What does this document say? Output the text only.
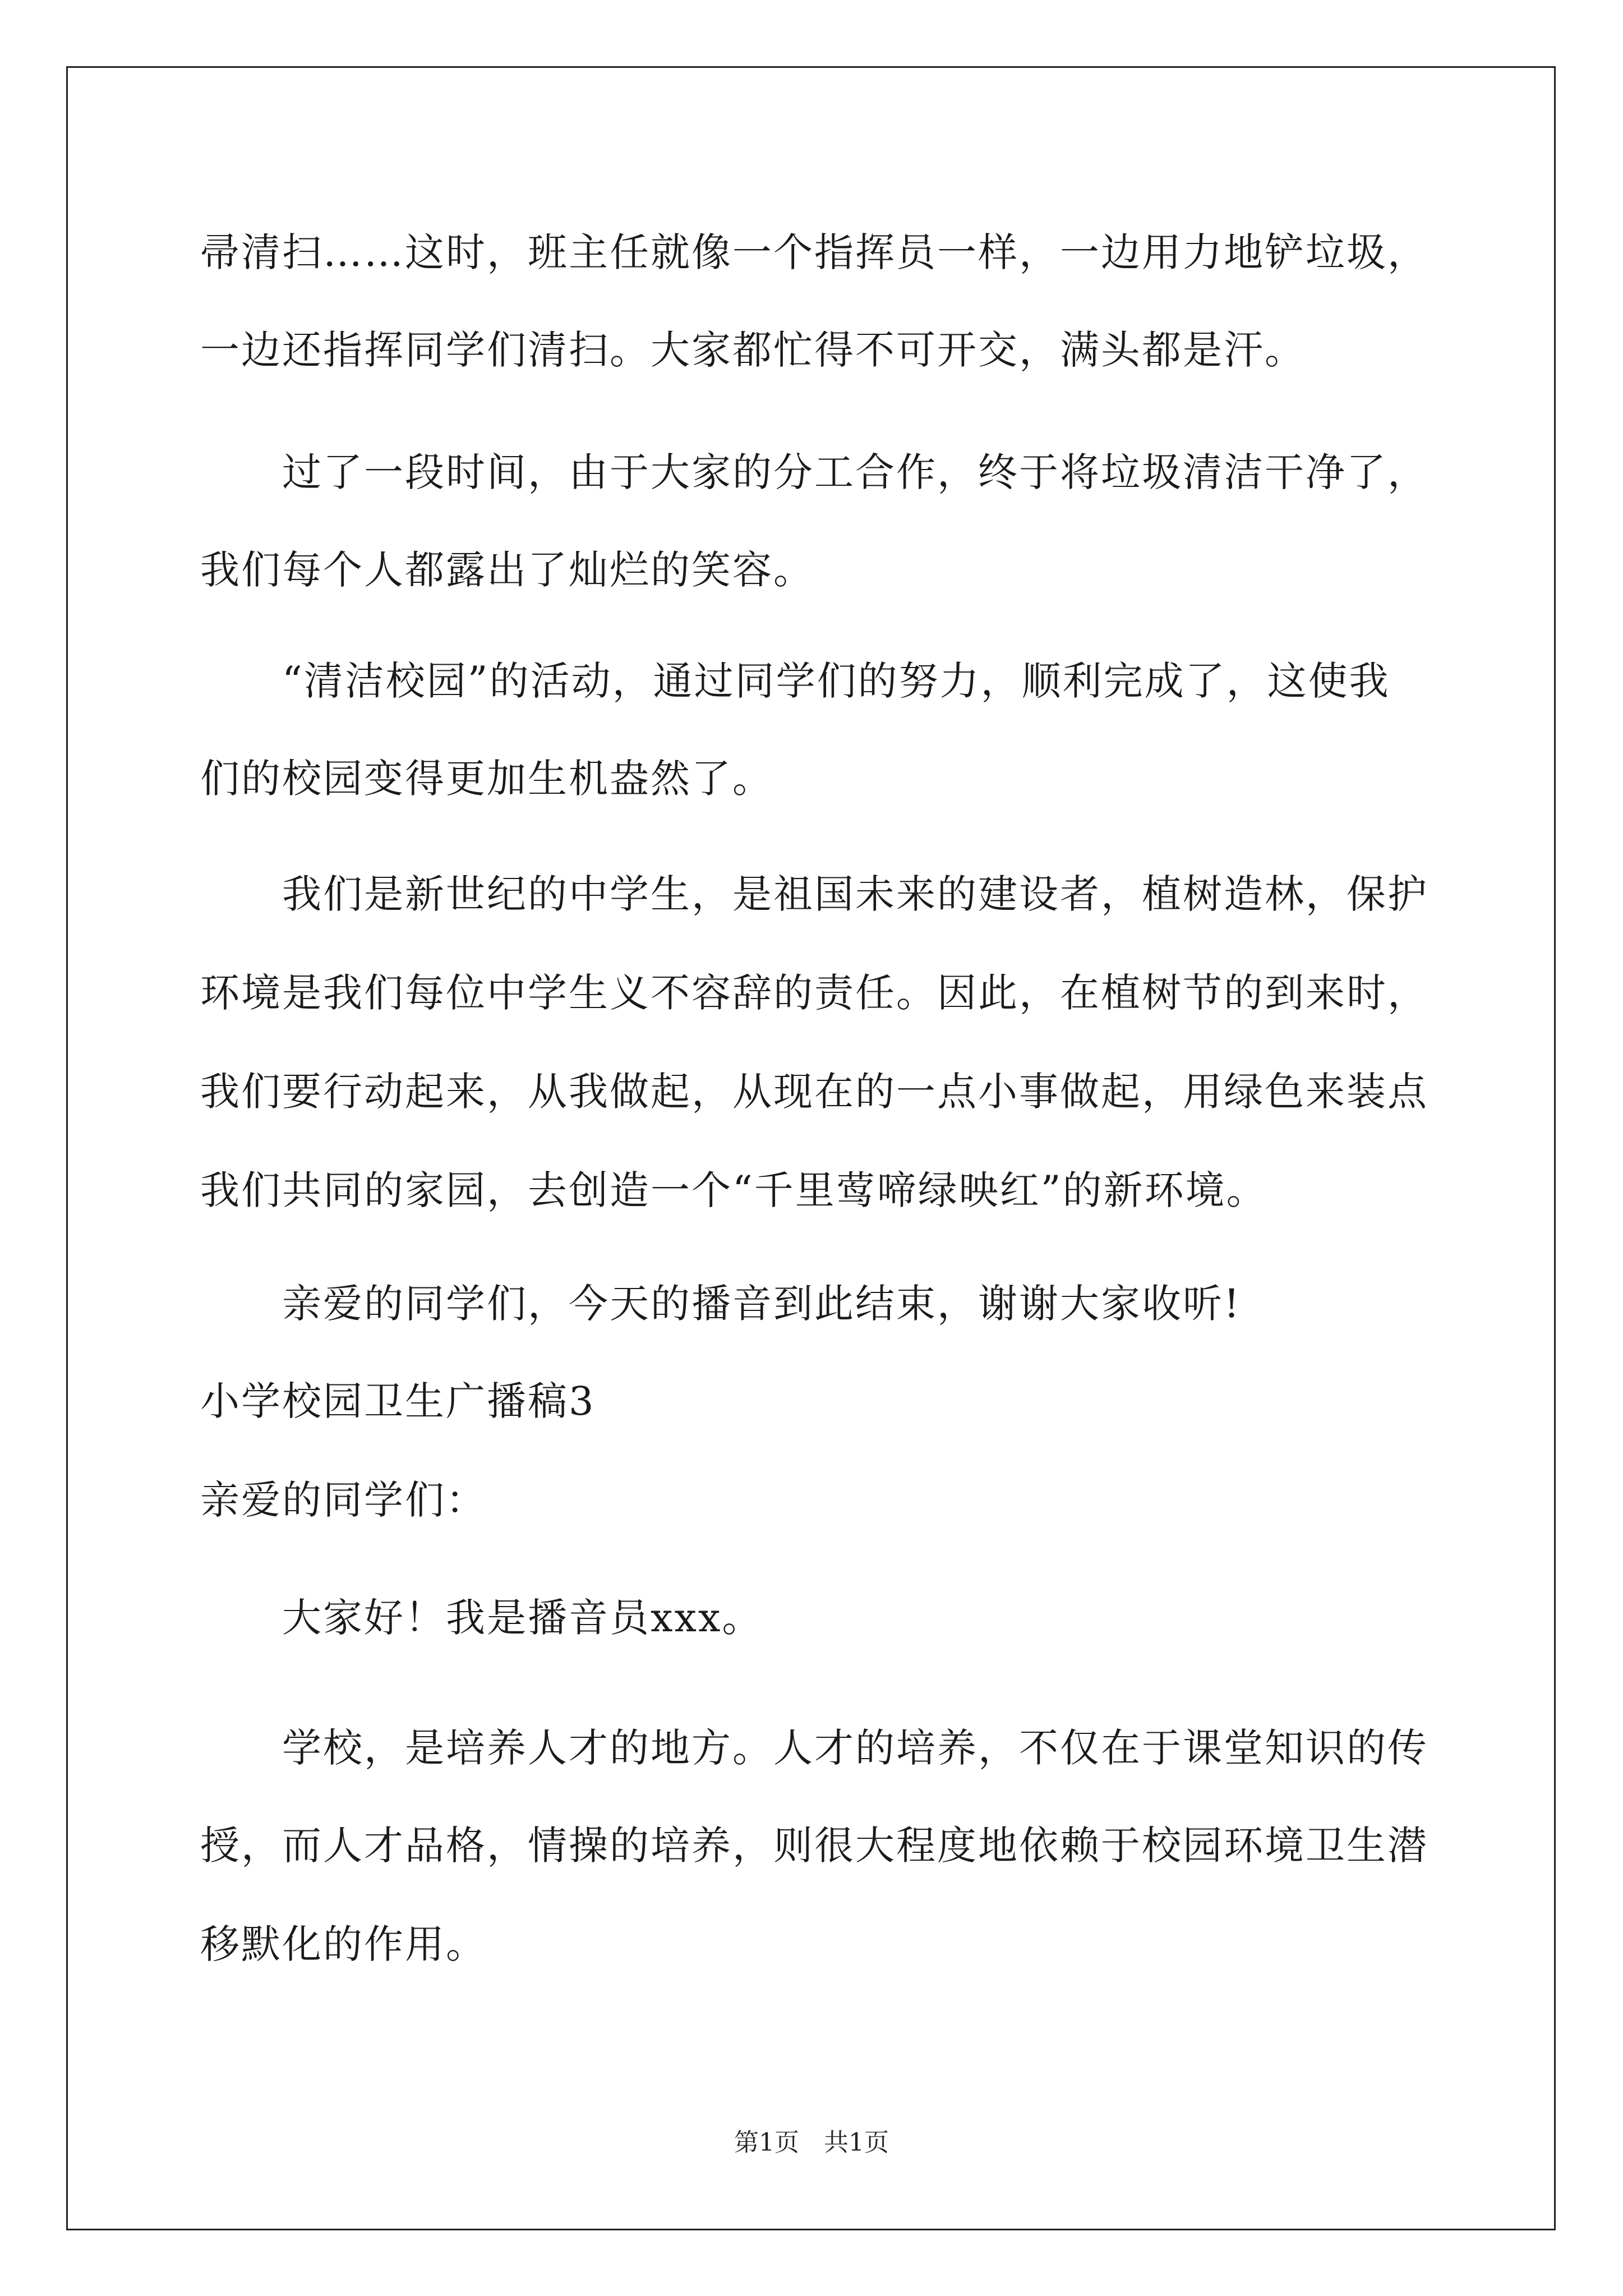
帚清扫……这时，班主任就像一个指挥员一样，一边用力地铲垃圾，
一边还指挥同学们清扫。大家都忙得不可开交，满头都是汗。
过了一段时间，由于大家的分工合作，终于将垃圾清洁干净了，
我们每个人都露出了灿烂的笑容。
“清洁校园”的活动，通过同学们的努力，顺利完成了，这使我
们的校园变得更加生机盎然了。
我们是新世纪的中学生，是祖国未来的建设者，植树造林，保护
环境是我们每位中学生义不容辞的责任。因此，在植树节的到来时，
我们要行动起来，从我做起，从现在的一点小事做起，用绿色来装点
我们共同的家园，去创造一个“千里莺啼绿映红”的新环境。
亲爱的同学们，今天的播音到此结束，谢谢大家收听!
小学校园卫生广播稿3
亲爱的同学们：
大家好！我是播音员xxx。
学校，是培养人才的地方。人才的培养，不仅在于课堂知识的传
授，而人才品格，情操的培养，则很大程度地依赖于校园环境卫生潜
移默化的作用。
第1页　共1页
